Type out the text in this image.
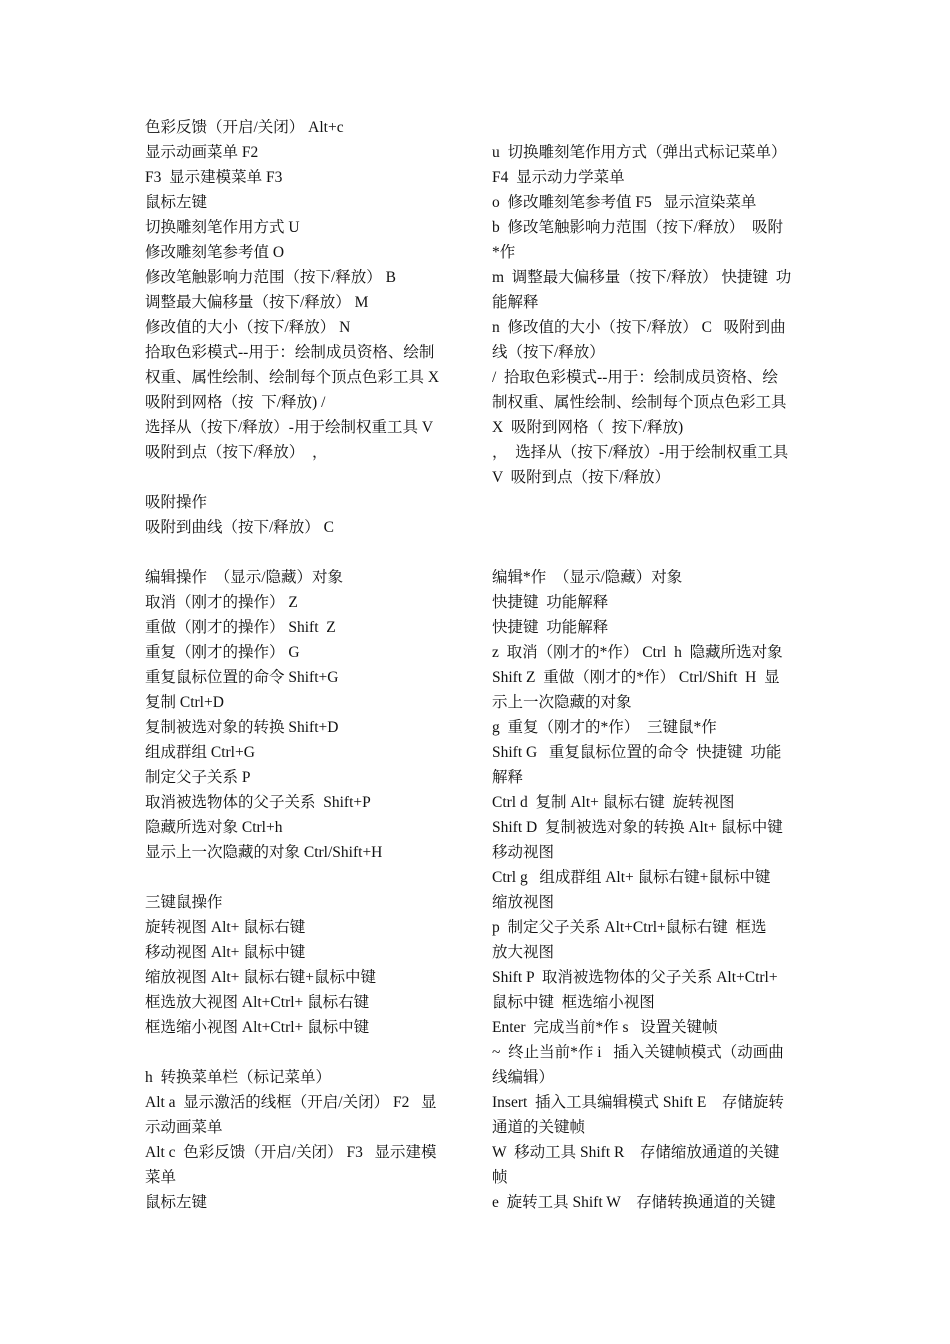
色彩反馈（开启/关闭） Alt+c
显示动画菜单 F2
F3  显示建模菜单 F3
鼠标左键
切换雕刻笔作用方式 U
修改雕刻笔参考值 O
修改笔触影响力范围（按下/释放） B
调整最大偏移量（按下/释放） M
修改值的大小（按下/释放） N
拾取色彩模式--用于：绘制成员资格、绘制
权重、属性绘制、绘制每个顶点色彩工具 X
吸附到网格（按  下/释放) /
选择从（按下/释放）-用于绘制权重工具 V
吸附到点（按下/释放）  ，
吸附操作
吸附到曲线（按下/释放） C
编辑操作  （显示/隐藏）对象
取消（刚才的操作） Z
重做（刚才的操作） Shift  Z
重复（刚才的操作） G
重复鼠标位置的命令 Shift+G
复制 Ctrl+D
复制被选对象的转换 Shift+D
组成群组 Ctrl+G
制定父子关系 P
取消被选物体的父子关系  Shift+P
隐藏所选对象 Ctrl+h
显示上一次隐藏的对象 Ctrl/Shift+H
三键鼠操作
旋转视图 Alt+ 鼠标右键
移动视图 Alt+ 鼠标中键
缩放视图 Alt+ 鼠标右键+鼠标中键
框选放大视图 Alt+Ctrl+ 鼠标右键
框选缩小视图 Alt+Ctrl+ 鼠标中键
h  转换菜单栏（标记菜单）
Alt a  显示激活的线框（开启/关闭） F2   显
示动画菜单
Alt c  色彩反馈（开启/关闭） F3   显示建模
菜单
鼠标左键
u  切换雕刻笔作用方式（弹出式标记菜单）
F4  显示动力学菜单
o  修改雕刻笔参考值 F5   显示渲染菜单
b  修改笔触影响力范围（按下/释放）  吸附
*作
m  调整最大偏移量（按下/释放） 快捷键  功
能解释
n  修改值的大小（按下/释放） C   吸附到曲
线（按下/释放）
/  拾取色彩模式--用于：绘制成员资格、绘
制权重、属性绘制、绘制每个顶点色彩工具
X  吸附到网格（  按下/释放)
，  选择从（按下/释放）-用于绘制权重工具
V  吸附到点（按下/释放）
编辑*作  （显示/隐藏）对象
快捷键  功能解释
快捷键  功能解释
z  取消（刚才的*作） Ctrl  h  隐藏所选对象
Shift Z  重做（刚才的*作） Ctrl/Shift  H  显
示上一次隐藏的对象
g  重复（刚才的*作）  三键鼠*作
Shift G   重复鼠标位置的命令  快捷键  功能
解释
Ctrl d  复制 Alt+ 鼠标右键  旋转视图
Shift D  复制被选对象的转换 Alt+ 鼠标中键
移动视图
Ctrl g   组成群组 Alt+ 鼠标右键+鼠标中键
缩放视图
p  制定父子关系 Alt+Ctrl+鼠标右键  框选
放大视图
Shift P  取消被选物体的父子关系 Alt+Ctrl+
鼠标中键  框选缩小视图
Enter  完成当前*作 s   设置关键帧
~  终止当前*作 i   插入关键帧模式（动画曲
线编辑）
Insert  插入工具编辑模式 Shift E    存储旋转
通道的关键帧
W  移动工具 Shift R    存储缩放通道的关键
帧
e  旋转工具 Shift W    存储转换通道的关键
